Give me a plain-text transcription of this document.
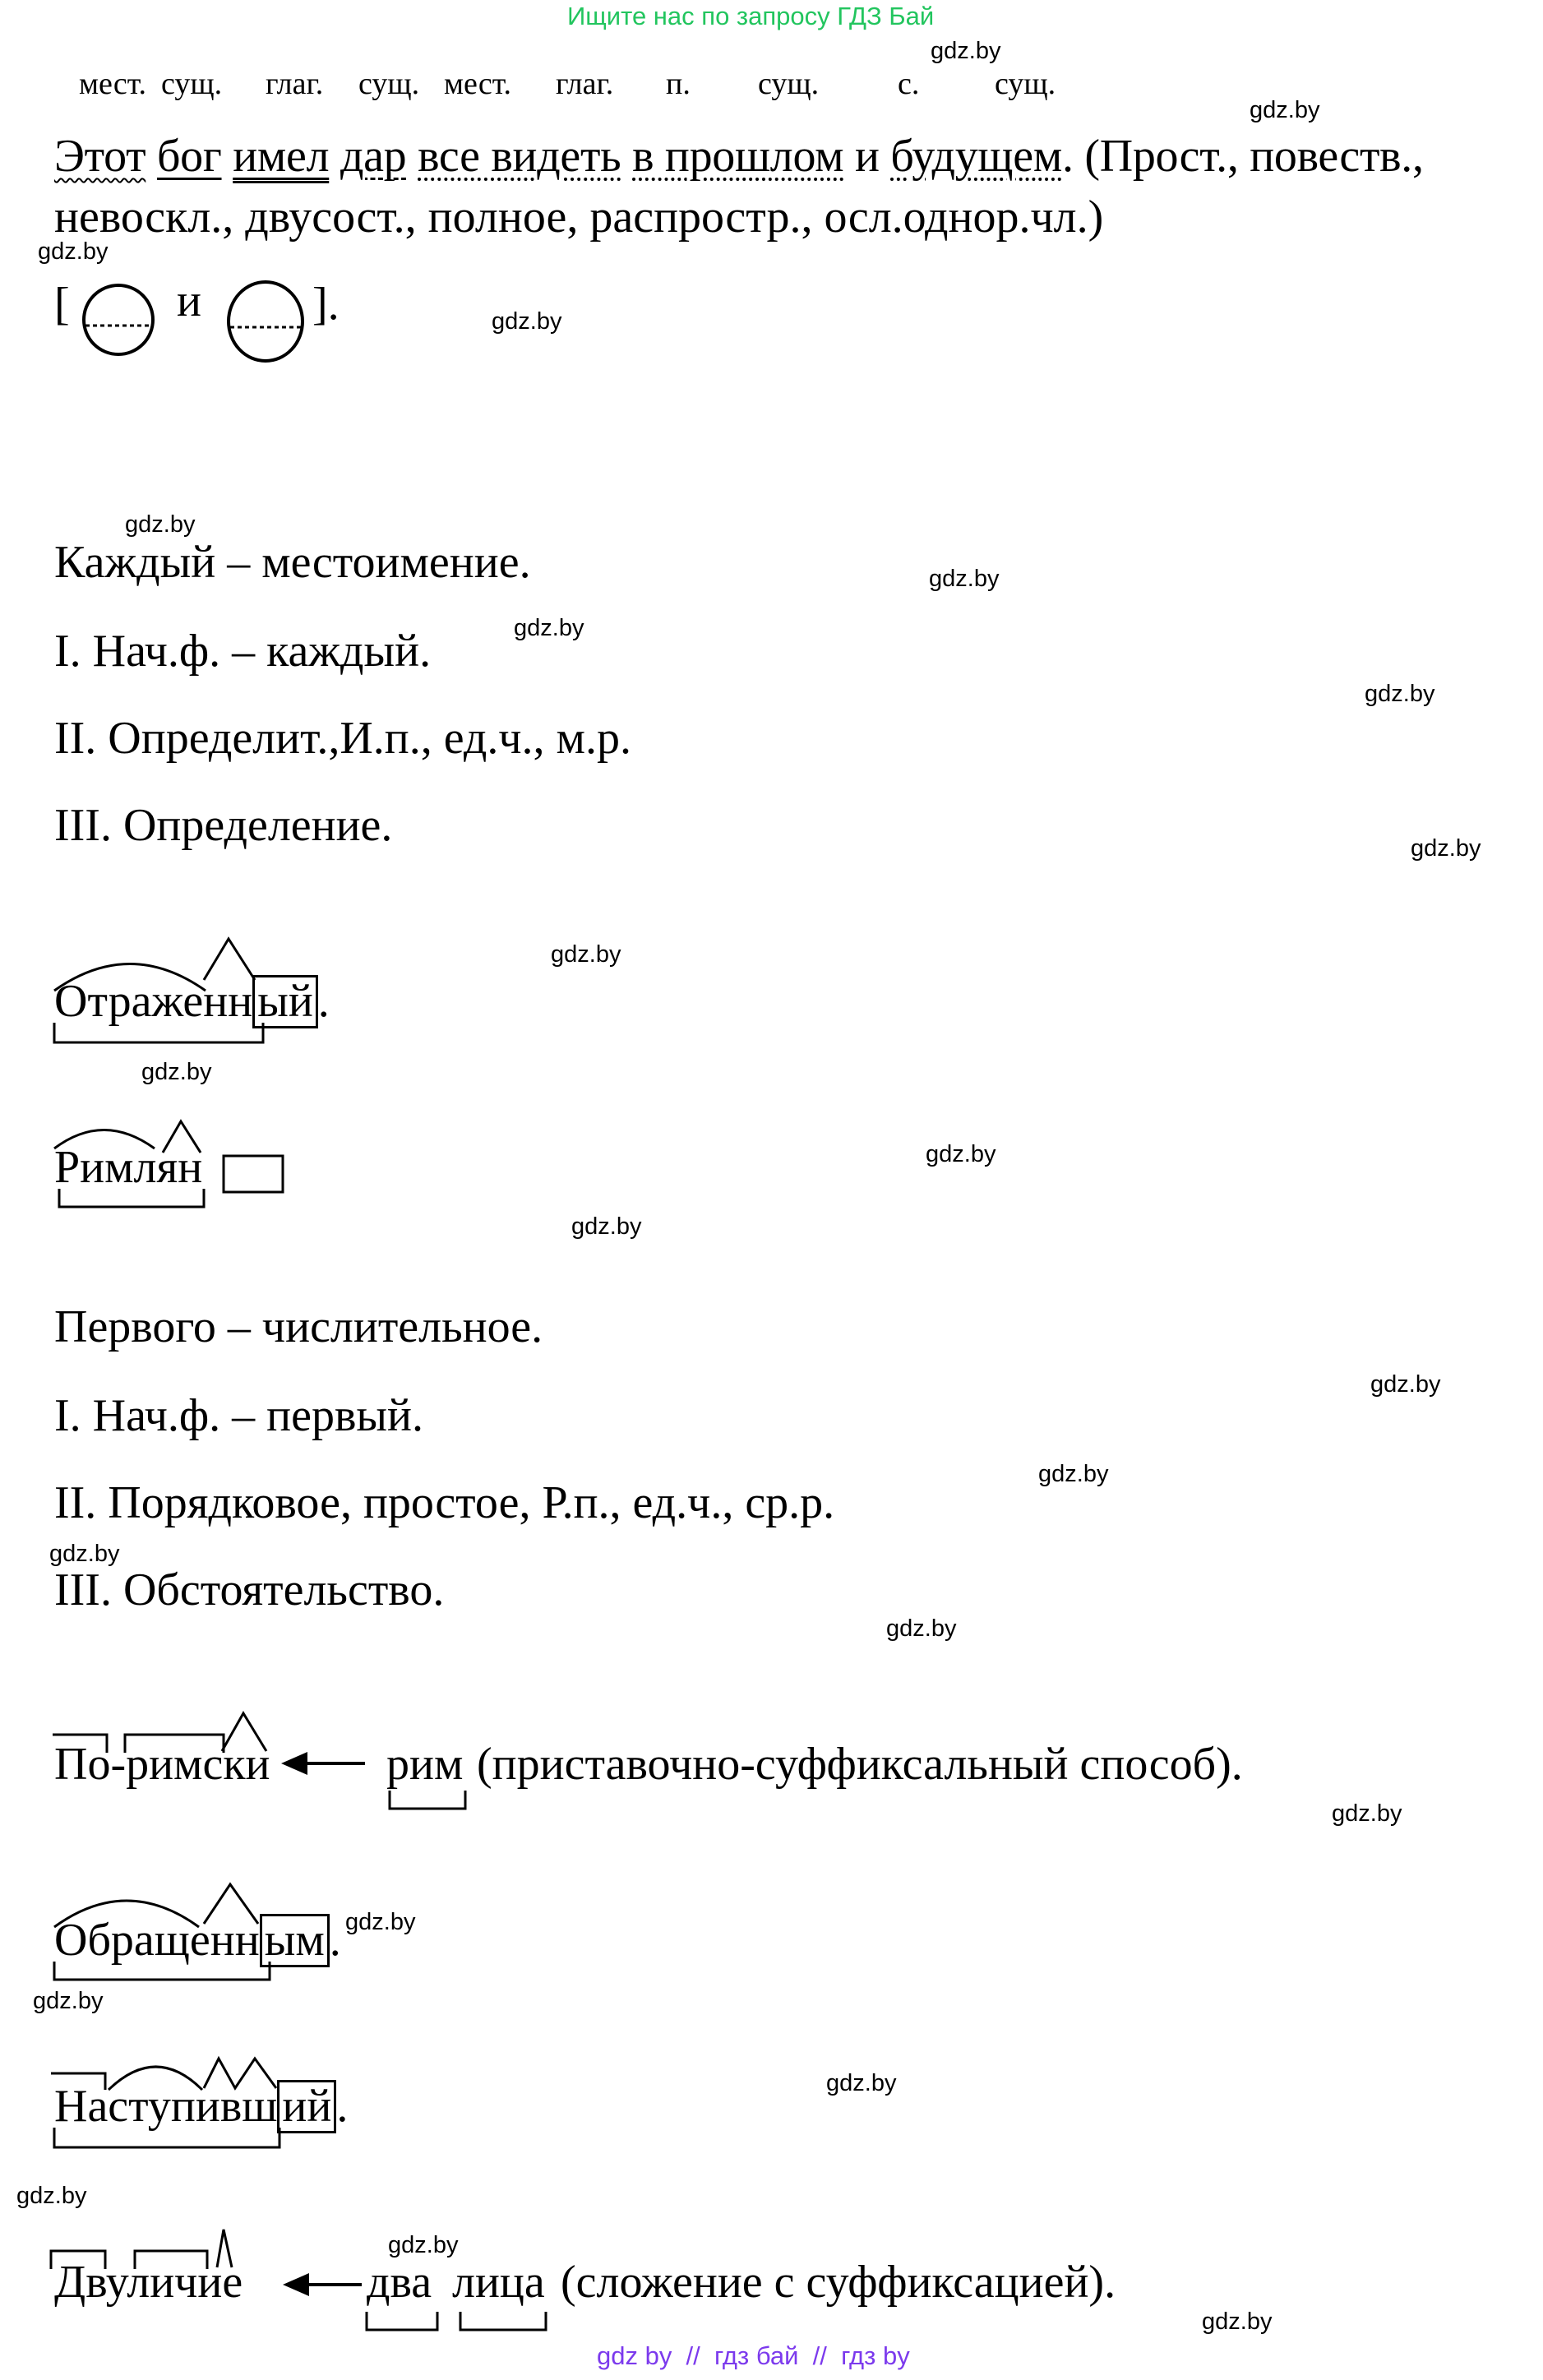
Ищите нас по запросу ГДЗ Бай
gdz.by
gdz.by
gdz.by
gdz.by
gdz.by
gdz.by
gdz.by
gdz.by
gdz.by
gdz.by
gdz.by
gdz.by
gdz.by
gdz.by
gdz.by
gdz.by
gdz.by
gdz.by
gdz.by
gdz.by
gdz.by
gdz.by
gdz.by
gdz.by
мест. сущ. глаг. сущ. мест. глаг. п. сущ.	с. сущ.
Этот бог имел дар все видеть в прошлом и будущем. (Прост., повеств.,
невоскл., двусост., полное, распростр., осл.однор.чл.)
[ и ].
Каждый – местоимение.
I. Нач.ф. – каждый.
II. Определит.,И.п., ед.ч., м.р.
III. Определение.
Отраженн ый .
Римлян
Первого – числительное.
I. Нач.ф. – первый.
II. Порядковое, простое, Р.п., ед.ч., ср.р.
III. Обстоятельство.
По-римски	рим (приставочно-суффиксальный способ).
Обращенн ым .
Наступивш ий .
Двуличие	два лица (сложение с суффиксацией).
gdz by  //  гдз бай  //  гдз by
